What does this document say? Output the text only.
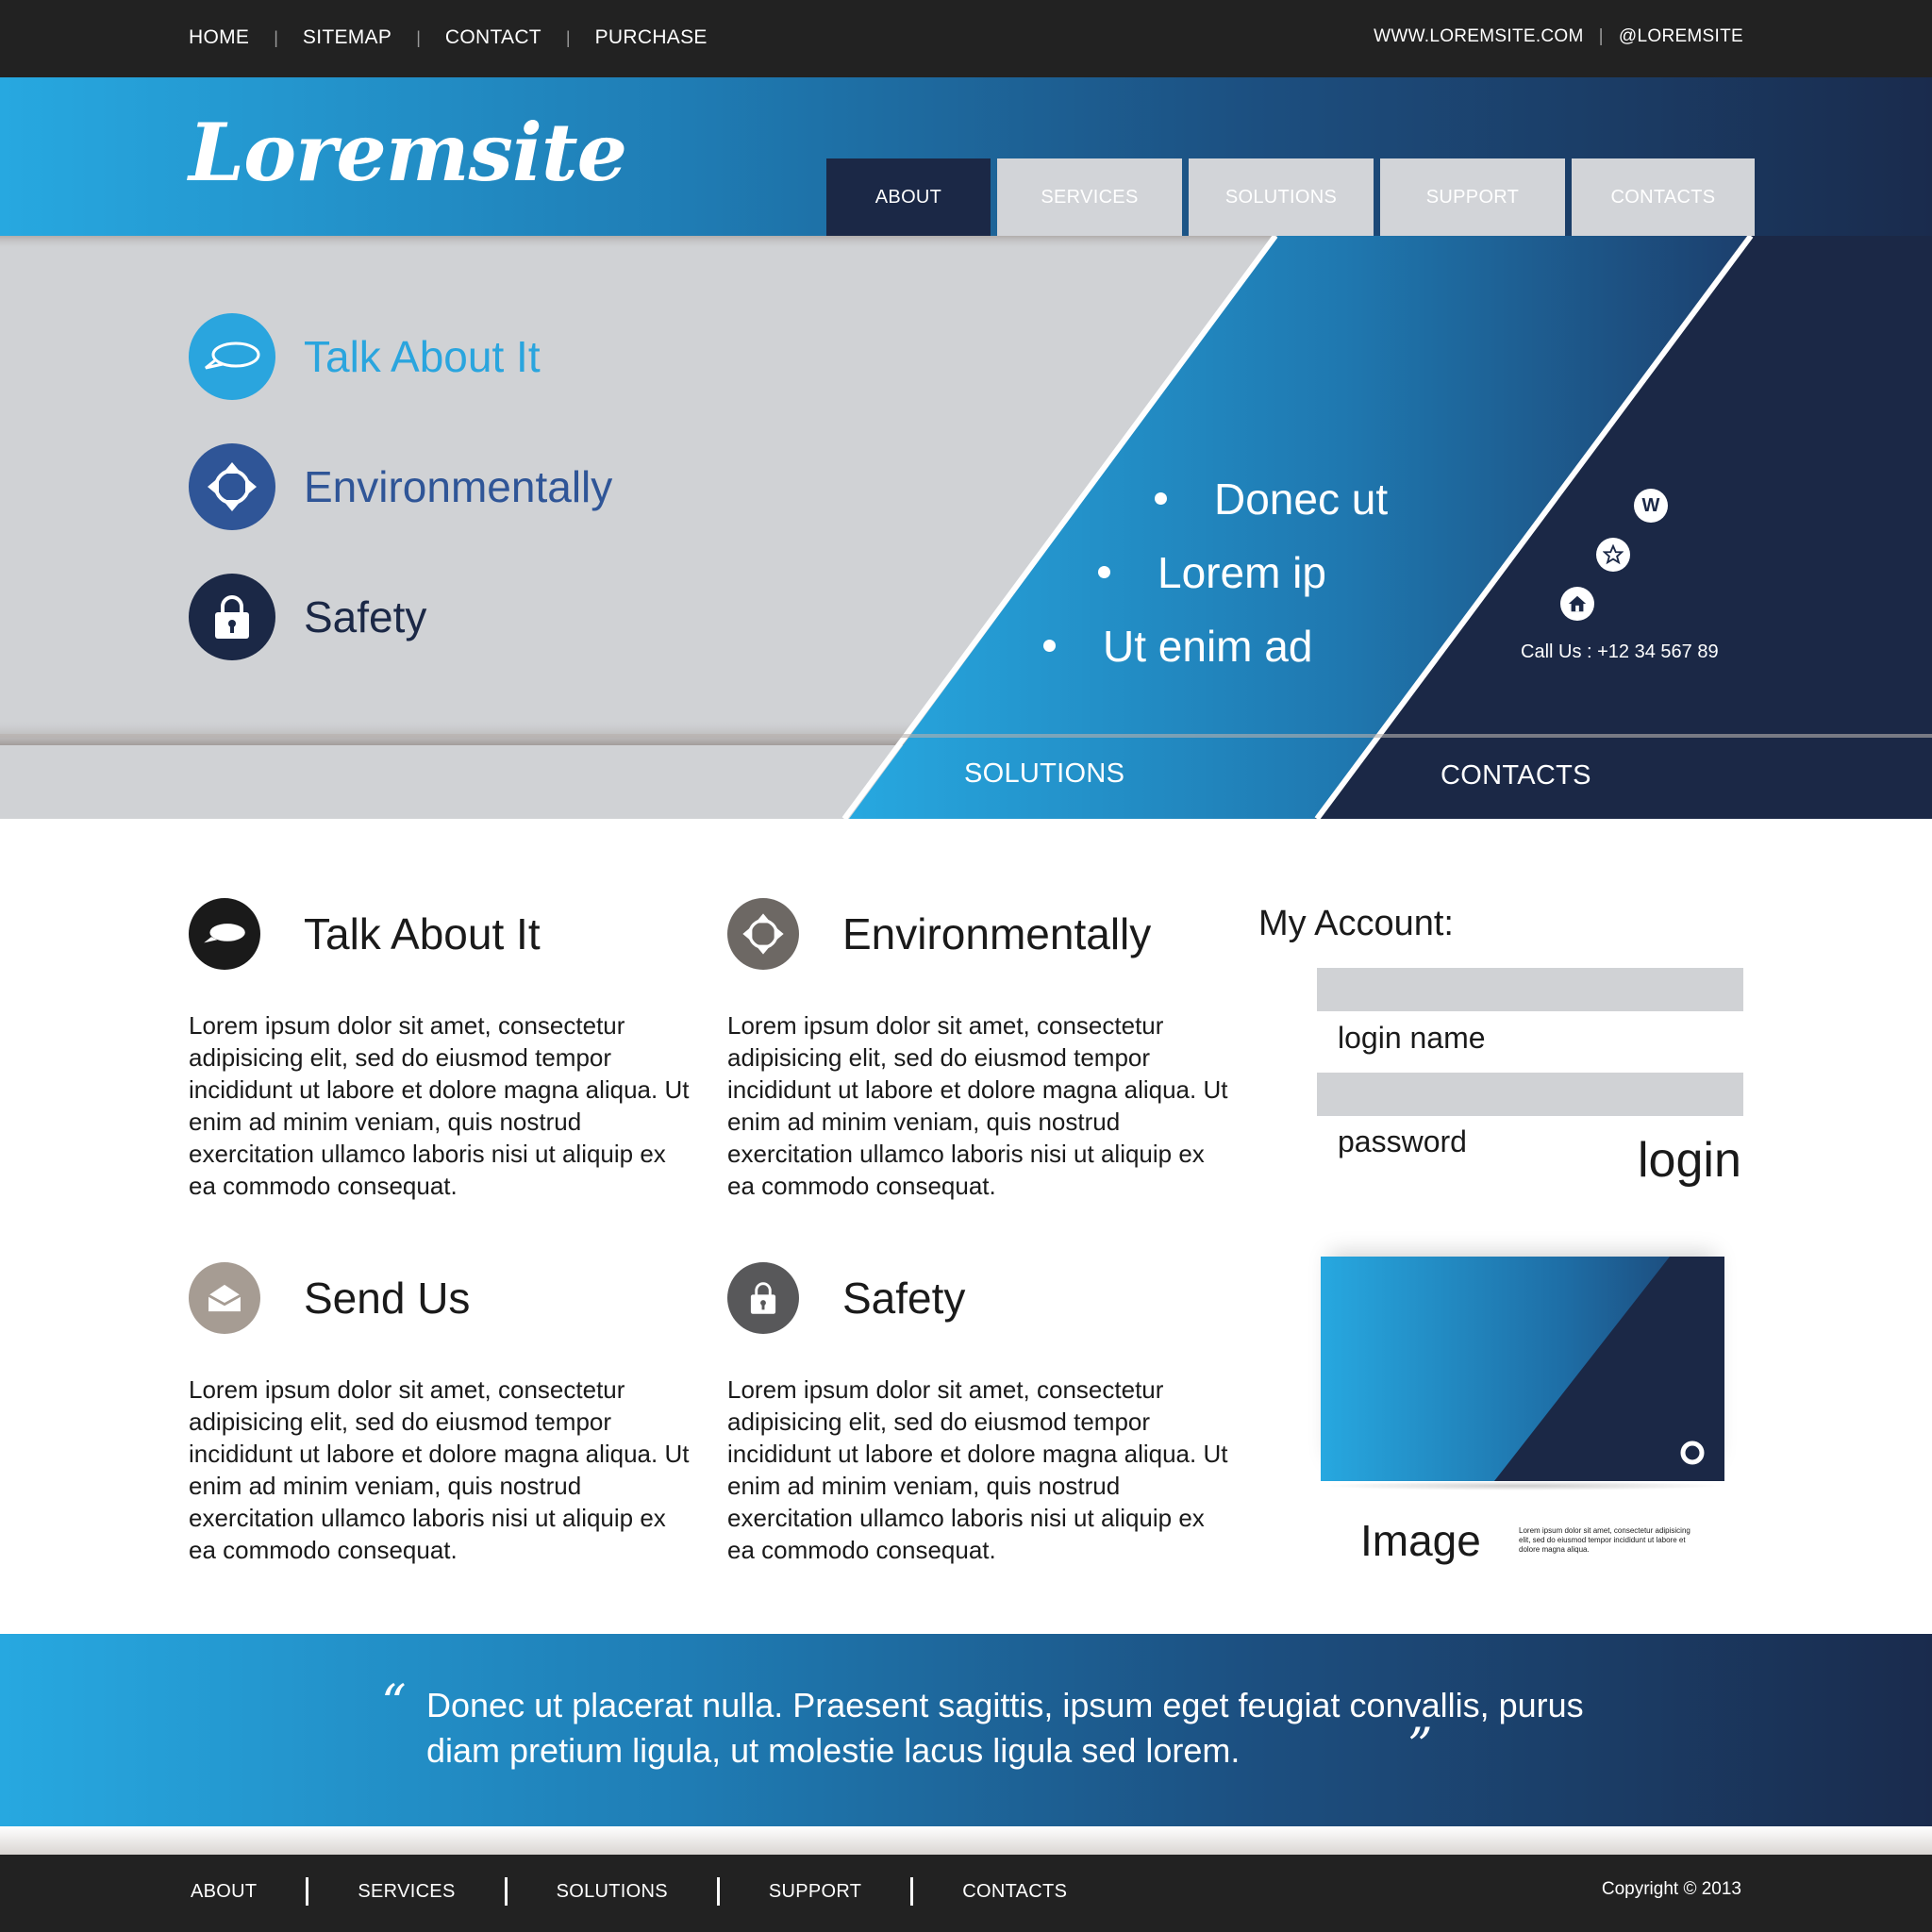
HOME | SITEMAP | CONTACT | PURCHASE	WWW.LOREMSITE.COM | @LOREMSITE
Loremsite	ABOUT	SERVICES	SOLUTIONS	SUPPORT	CONTACTS
Talk About It
Environmentally
Safety
Donec ut
Lorem ip
Ut enim ad
W
Call Us : +12 34 567 89
SOLUTIONS	CONTACTS
Talk About It
Lorem ipsum dolor sit amet, consectetur adipisicing elit, sed do eiusmod tempor incididunt ut labore et dolore magna aliqua. Ut enim ad minim veniam, quis nostrud exercitation ullamco laboris nisi ut aliquip ex ea commodo consequat.
Environmentally
Lorem ipsum dolor sit amet, consectetur adipisicing elit, sed do eiusmod tempor incididunt ut labore et dolore magna aliqua. Ut enim ad minim veniam, quis nostrud exercitation ullamco laboris nisi ut aliquip ex ea commodo consequat.
Send Us
Lorem ipsum dolor sit amet, consectetur adipisicing elit, sed do eiusmod tempor incididunt ut labore et dolore magna aliqua. Ut enim ad minim veniam, quis nostrud exercitation ullamco laboris nisi ut aliquip ex ea commodo consequat.
Safety
Lorem ipsum dolor sit amet, consectetur adipisicing elit, sed do eiusmod tempor incididunt ut labore et dolore magna aliqua. Ut enim ad minim veniam, quis nostrud exercitation ullamco laboris nisi ut aliquip ex ea commodo consequat.
My Account:
login name
password	login
Image	Lorem ipsum dolor sit amet, consectetur adipisicing elit, sed do eiusmod tempor incididunt ut labore et dolore magna aliqua.
“ Donec ut placerat nulla. Praesent sagittis, ipsum eget feugiat convallis, purus diam pretium ligula, ut molestie lacus ligula sed lorem.	”
ABOUT	SERVICES	SOLUTIONS	SUPPORT	CONTACTS	Copyright © 2013
